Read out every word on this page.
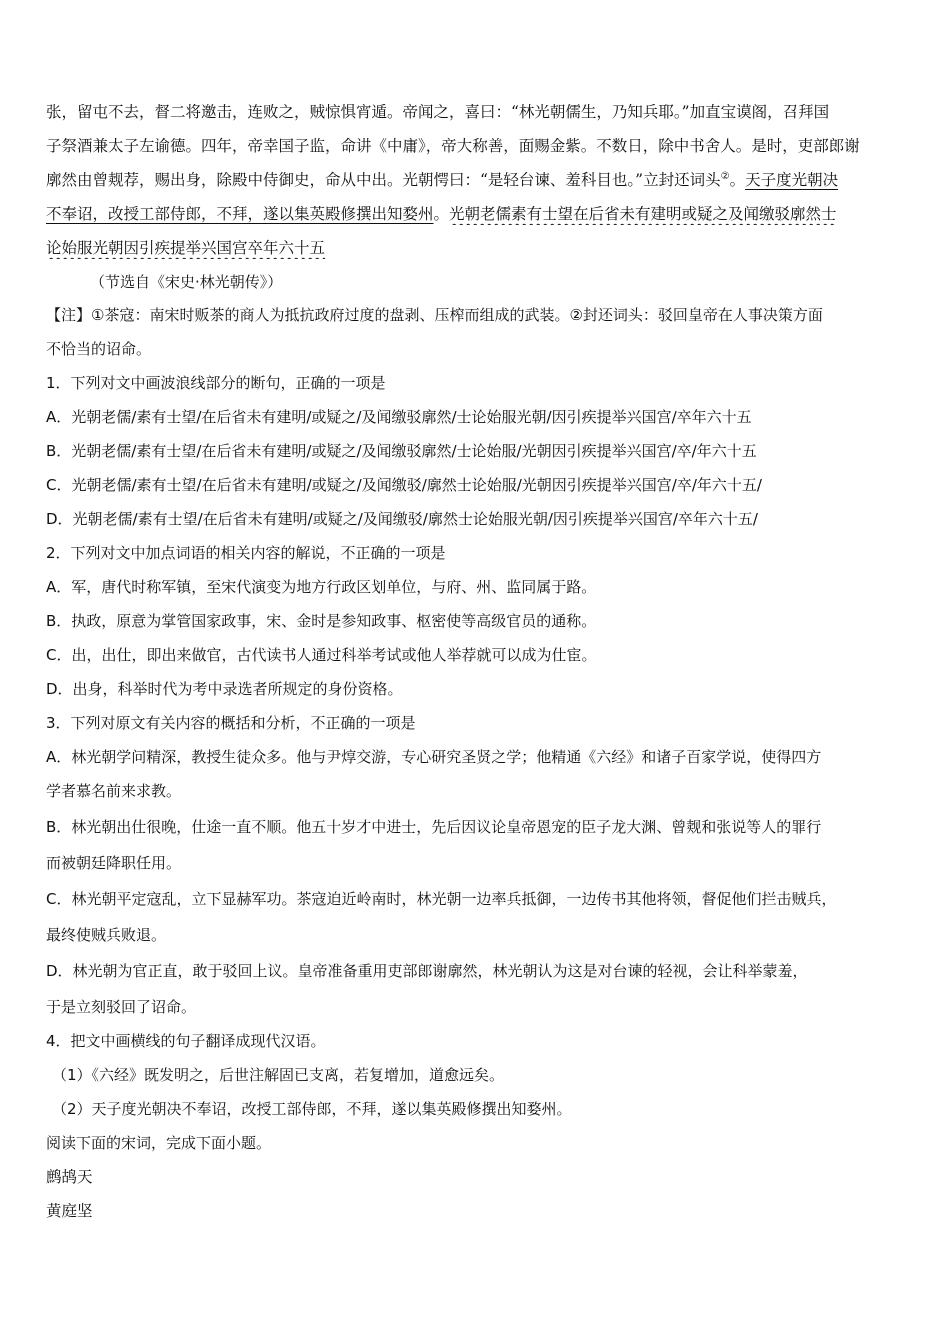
张，留屯不去，督二将邀击，连败之，贼惊惧宵遁。帝闻之，喜曰：“林光朝儒生，乃知兵耶。”加直宝谟阁，召拜国
子祭酒兼太子左谕德。四年，帝幸国子监，命讲《中庸》，帝大称善，面赐金紫。不数日，除中书舍人。是时，吏部郎谢
廓然由曾觌荐，赐出身，除殿中侍御史，命从中出。光朝愕曰：“是轻台谏、羞科目也。”立封还词头②。天子度光朝决
不奉诏，改授工部侍郎，不拜，遂以集英殿修撰出知婺州。光朝老儒素有士望在后省未有建明或疑之及闻缴驳廓然士
论始服光朝因引疾提举兴国宫卒年六十五
（节选自《宋史·林光朝传》）
【注】①茶寇：南宋时贩茶的商人为抵抗政府过度的盘剥、压榨而组成的武装。②封还词头：驳回皇帝在人事决策方面
不恰当的诏命。
1．下列对文中画波浪线部分的断句，正确的一项是
A．光朝老儒/素有士望/在后省未有建明/或疑之/及闻缴驳廓然/士论始服光朝/因引疾提举兴国宫/卒年六十五
B．光朝老儒/素有士望/在后省未有建明/或疑之/及闻缴驳廓然/士论始服/光朝因引疾提举兴国宫/卒/年六十五
C．光朝老儒/素有士望/在后省未有建明/或疑之/及闻缴驳/廓然士论始服/光朝因引疾提举兴国宫/卒/年六十五/
D．光朝老儒/素有士望/在后省未有建明/或疑之/及闻缴驳/廓然士论始服光朝/因引疾提举兴国宫/卒年六十五/
2．下列对文中加点词语的相关内容的解说，不正确的一项是
A．军，唐代时称军镇，至宋代演变为地方行政区划单位，与府、州、监同属于路。
B．执政，原意为掌管国家政事，宋、金时是参知政事、枢密使等高级官员的通称。
C．出，出仕，即出来做官，古代读书人通过科举考试或他人举荐就可以成为仕宦。
D．出身，科举时代为考中录选者所规定的身份资格。
3．下列对原文有关内容的概括和分析，不正确的一项是
A．林光朝学问精深，教授生徒众多。他与尹焞交游，专心研究圣贤之学；他精通《六经》和诸子百家学说，使得四方
学者慕名前来求教。
B．林光朝出仕很晚，仕途一直不顺。他五十岁才中进士，先后因议论皇帝恩宠的臣子龙大渊、曾觌和张说等人的罪行
而被朝廷降职任用。
C．林光朝平定寇乱，立下显赫军功。茶寇迫近岭南时，林光朝一边率兵抵御，一边传书其他将领，督促他们拦击贼兵，
最终使贼兵败退。
D．林光朝为官正直，敢于驳回上议。皇帝准备重用吏部郎谢廓然，林光朝认为这是对台谏的轻视，会让科举蒙羞，
于是立刻驳回了诏命。
4．把文中画横线的句子翻译成现代汉语。
（1）《六经》既发明之，后世注解固已支离，若复增加，道愈远矣。
（2）天子度光朝决不奉诏，改授工部侍郎，不拜，遂以集英殿修撰出知婺州。
阅读下面的宋词，完成下面小题。
鹧鸪天
黄庭坚
